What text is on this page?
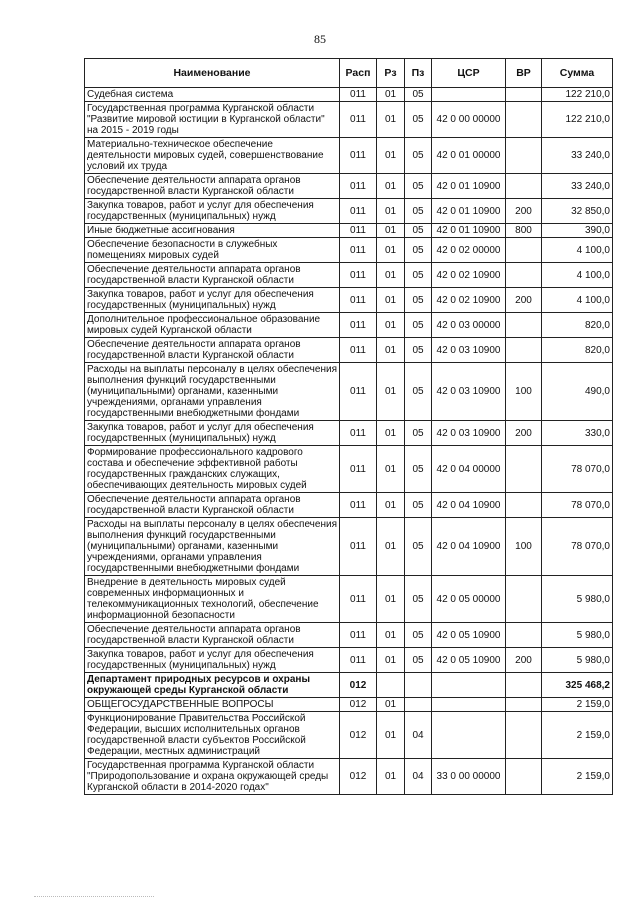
85
Наименование	Расп	Рз	Пз	ЦСР	ВР	Сумма
Судебная система	011	01	05			122 210,0
Государственная программа Курганской области "Развитие мировой юстиции в Курганской области" на 2015 - 2019 годы	011	01	05	42 0 00 00000		122 210,0
Материально-техническое обеспечение деятельности мировых судей, совершенствование условий их труда	011	01	05	42 0 01 00000		33 240,0
Обеспечение деятельности аппарата органов государственной власти Курганской области	011	01	05	42 0 01 10900		33 240,0
Закупка товаров, работ и услуг для обеспечения государственных (муниципальных) нужд	011	01	05	42 0 01 10900	200	32 850,0
Иные бюджетные ассигнования	011	01	05	42 0 01 10900	800	390,0
Обеспечение безопасности в служебных помещениях мировых судей	011	01	05	42 0 02 00000		4 100,0
Обеспечение деятельности аппарата органов государственной власти Курганской области	011	01	05	42 0 02 10900		4 100,0
Закупка товаров, работ и услуг для обеспечения государственных (муниципальных) нужд	011	01	05	42 0 02 10900	200	4 100,0
Дополнительное профессиональное образование мировых судей Курганской области	011	01	05	42 0 03 00000		820,0
Обеспечение деятельности аппарата органов государственной власти Курганской области	011	01	05	42 0 03 10900		820,0
Расходы на выплаты персоналу в целях обеспечения выполнения функций государственными (муниципальными) органами, казенными учреждениями, органами управления государственными внебюджетными фондами	011	01	05	42 0 03 10900	100	490,0
Закупка товаров, работ и услуг для обеспечения государственных (муниципальных) нужд	011	01	05	42 0 03 10900	200	330,0
Формирование профессионального кадрового состава и обеспечение эффективной работы государственных гражданских служащих, обеспечивающих деятельность мировых судей	011	01	05	42 0 04 00000		78 070,0
Обеспечение деятельности аппарата органов государственной власти Курганской области	011	01	05	42 0 04 10900		78 070,0
Расходы на выплаты персоналу в целях обеспечения выполнения функций государственными (муниципальными) органами, казенными учреждениями, органами управления государственными внебюджетными фондами	011	01	05	42 0 04 10900	100	78 070,0
Внедрение в деятельность мировых судей современных информационных и телекоммуникационных технологий, обеспечение информационной безопасности	011	01	05	42 0 05 00000		5 980,0
Обеспечение деятельности аппарата органов государственной власти Курганской области	011	01	05	42 0 05 10900		5 980,0
Закупка товаров, работ и услуг для обеспечения государственных (муниципальных) нужд	011	01	05	42 0 05 10900	200	5 980,0
Департамент природных ресурсов и охраны окружающей среды Курганской области	012					325 468,2
ОБЩЕГОСУДАРСТВЕННЫЕ ВОПРОСЫ	012	01				2 159,0
Функционирование Правительства Российской Федерации, высших исполнительных органов государственной власти субъектов Российской Федерации, местных администраций	012	01	04			2 159,0
Государственная программа Курганской области "Природопользование и охрана окружающей среды Курганской области в 2014-2020 годах"	012	01	04	33 0 00 00000		2 159,0
